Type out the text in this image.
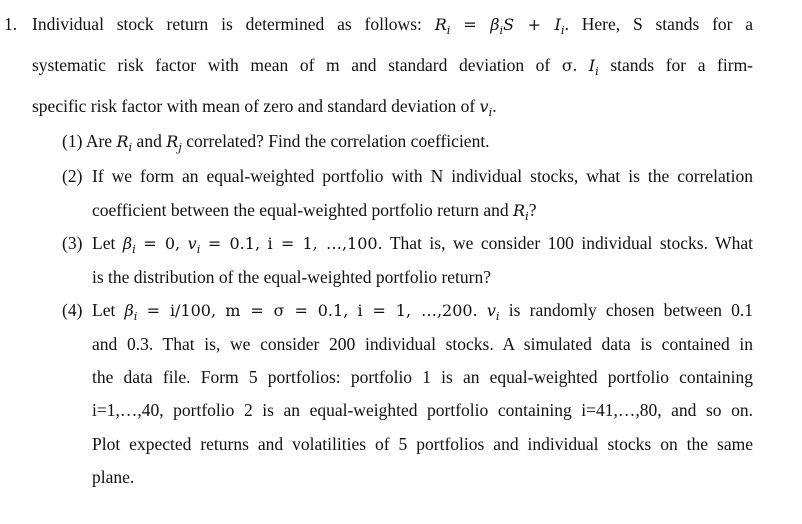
1. Individual stock return is determined as follows: $R_i = \beta_iS + I_i$. Here, S stands for a
systematic risk factor with mean of m and standard deviation of σ. $I_i$ stands for a firm-
specific risk factor with mean of zero and standard deviation of $v_i$.
(1) Are $R_i$ and $R_j$ correlated? Find the correlation coefficient.
(2) If we form an equal-weighted portfolio with N individual stocks, what is the correlation
coefficient between the equal-weighted portfolio return and $R_i$?
(3) Let $\beta_i = 0$, $v_i = 0.1$, i = 1, …,100. That is, we consider 100 individual stocks. What
is the distribution of the equal-weighted portfolio return?
(4) Let $\beta_i = i/100$, m = σ = 0.1, i = 1, …,200. $v_i$ is randomly chosen between 0.1
and 0.3. That is, we consider 200 individual stocks. A simulated data is contained in
the data file. Form 5 portfolios: portfolio 1 is an equal-weighted portfolio containing
i=1,…,40, portfolio 2 is an equal-weighted portfolio containing i=41,…,80, and so on.
Plot expected returns and volatilities of 5 portfolios and individual stocks on the same
plane.
